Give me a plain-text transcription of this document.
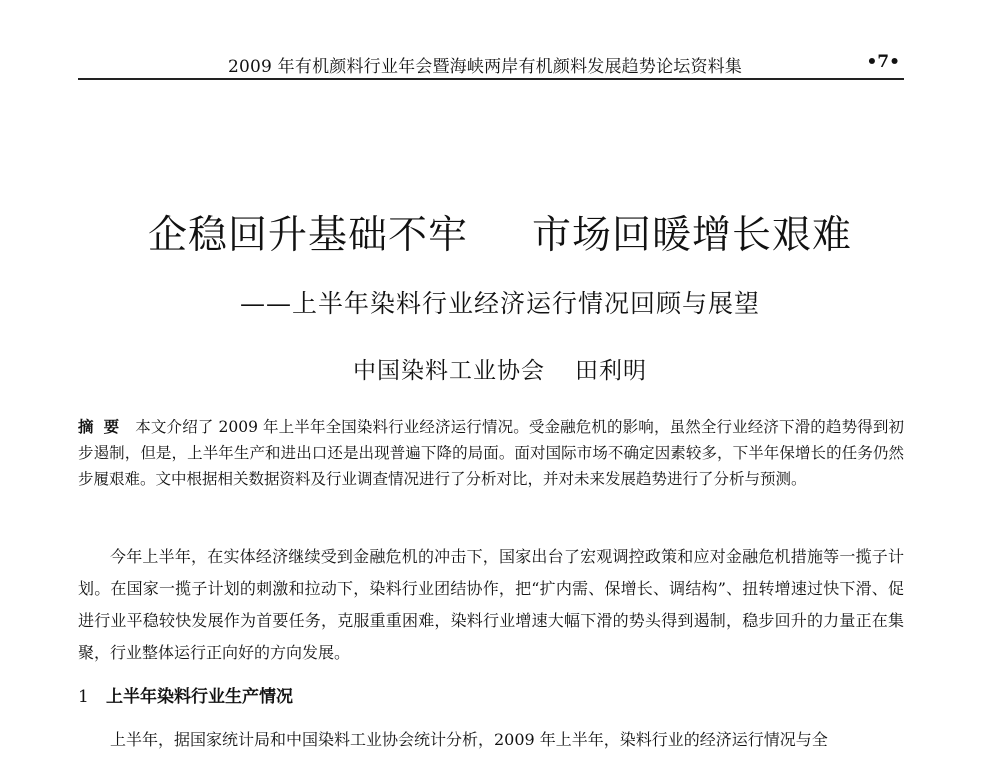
2009 年有机颜料行业年会暨海峡两岸有机颜料发展趋势论坛资料集	•7•
企稳回升基础不牢 市场回暖增长艰难
——上半年染料行业经济运行情况回顾与展望
中国染料工业协会 田利明
摘要 本文介绍了 2009 年上半年全国染料行业经济运行情况。受金融危机的影响，虽然全行业经济下滑的趋势得到初步遏制，但是，上半年生产和进出口还是出现普遍下降的局面。面对国际市场不确定因素较多，下半年保增长的任务仍然步履艰难。文中根据相关数据资料及行业调查情况进行了分析对比，并对未来发展趋势进行了分析与预测。

今年上半年，在实体经济继续受到金融危机的冲击下，国家出台了宏观调控政策和应对金融危机措施等一揽子计划。在国家一揽子计划的刺激和拉动下，染料行业团结协作，把“扩内需、保增长、调结构”、扭转增速过快下滑、促进行业平稳较快发展作为首要任务，克服重重困难，染料行业增速大幅下滑的势头得到遏制，稳步回升的力量正在集聚，行业整体运行正向好的方向发展。

1 上半年染料行业生产情况

上半年，据国家统计局和中国染料工业协会统计分析，2009 年上半年，染料行业的经济运行情况与全
